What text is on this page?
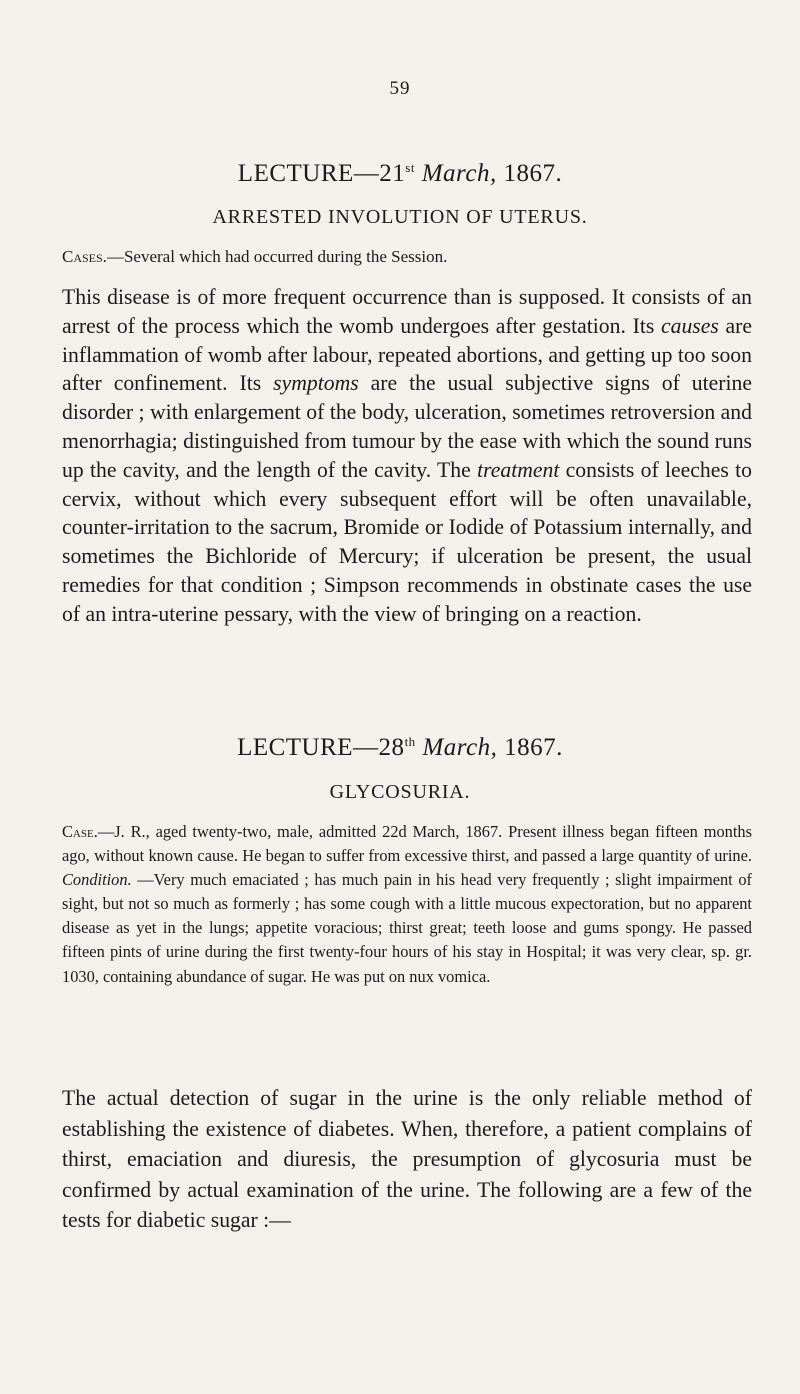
59
LECTURE—21st March, 1867.
ARRESTED INVOLUTION OF UTERUS.
Cases.—Several which had occurred during the Session.

This disease is of more frequent occurrence than is supposed. It consists of an arrest of the process which the womb undergoes after gestation. Its causes are inflammation of womb after labour, repeated abortions, and getting up too soon after confinement. Its symptoms are the usual subjective signs of uterine disorder ; with enlargement of the body, ulceration, sometimes retroversion and menorrhagia; distinguished from tumour by the ease with which the sound runs up the cavity, and the length of the cavity. The treatment consists of leeches to cervix, without which every subsequent effort will be often unavailable, counter-irritation to the sacrum, Bromide or Iodide of Potassium internally, and sometimes the Bichloride of Mercury; if ulceration be present, the usual remedies for that condition ; Simpson recommends in obstinate cases the use of an intra-uterine pessary, with the view of bringing on a reaction.

LECTURE—28th March, 1867.
GLYCOSURIA.

Case.—J. R., aged twenty-two, male, admitted 22d March, 1867. Present illness began fifteen months ago, without known cause. He began to suffer from excessive thirst, and passed a large quantity of urine. Condition. —Very much emaciated ; has much pain in his head very frequently ; slight impairment of sight, but not so much as formerly ; has some cough with a little mucous expectoration, but no apparent disease as yet in the lungs; appetite voracious; thirst great; teeth loose and gums spongy. He passed fifteen pints of urine during the first twenty-four hours of his stay in Hospital; it was very clear, sp. gr. 1030, containing abundance of sugar. He was put on nux vomica.

The actual detection of sugar in the urine is the only reliable method of establishing the existence of diabetes. When, therefore, a patient complains of thirst, emaciation and diuresis, the presumption of glycosuria must be confirmed by actual examination of the urine. The following are a few of the tests for diabetic sugar :—
